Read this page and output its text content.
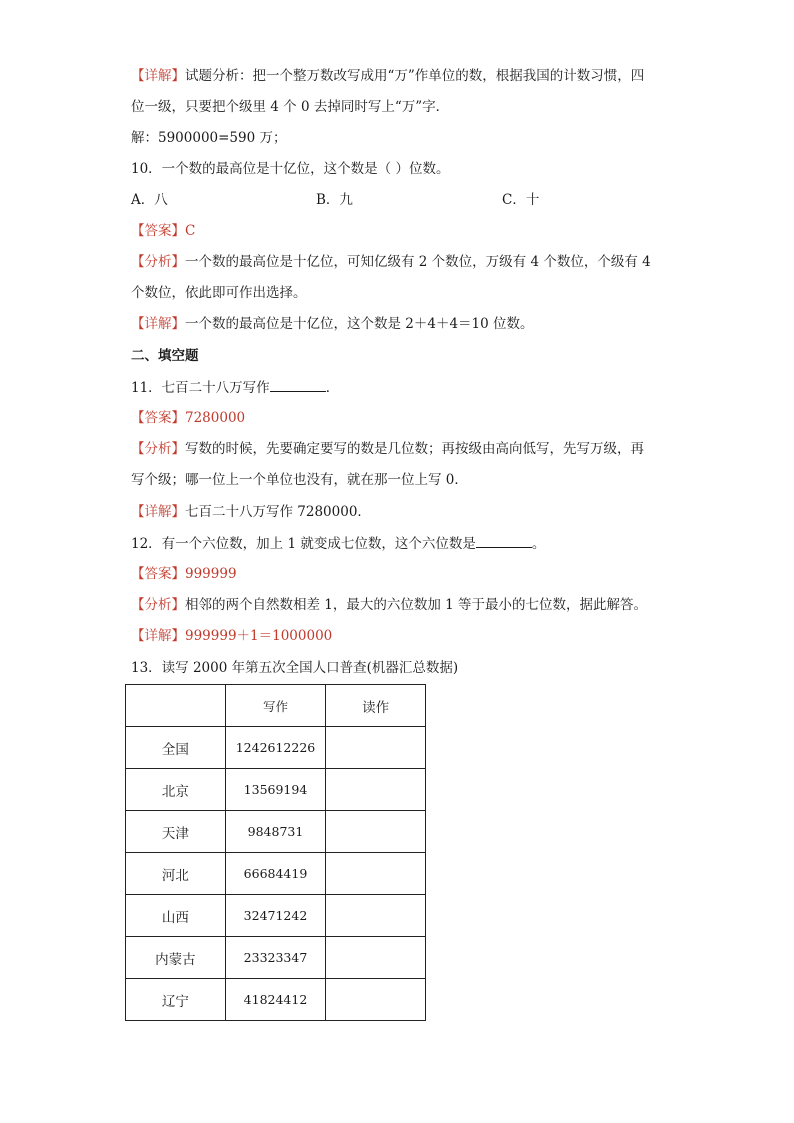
【详解】试题分析：把一个整万数改写成用“万”作单位的数，根据我国的计数习惯，四
位一级，只要把个级里 4 个 0 去掉同时写上“万”字．
解：5900000=590 万；
10．一个数的最高位是十亿位，这个数是（ ）位数。
A．八	B．九	C．十
【答案】C
【分析】一个数的最高位是十亿位，可知亿级有 2 个数位，万级有 4 个数位，个级有 4
个数位，依此即可作出选择。
【详解】一个数的最高位是十亿位，这个数是 2＋4＋4＝10 位数。
二、填空题
11．七百二十八万写作	．
【答案】7280000
【分析】写数的时候，先要确定要写的数是几位数；再按级由高向低写，先写万级，再
写个级；哪一位上一个单位也没有，就在那一位上写 0．
【详解】七百二十八万写作 7280000．
12．有一个六位数，加上 1 就变成七位数，这个六位数是	。
【答案】999999
【分析】相邻的两个自然数相差 1，最大的六位数加 1 等于最小的七位数，据此解答。
【详解】999999＋1＝1000000
13．读写 2000 年第五次全国人口普查(机器汇总数据)
	写作	读作
全国	1242612226	
北京	13569194	
天津	9848731	
河北	66684419	
山西	32471242	
内蒙古	23323347	
辽宁	41824412	
